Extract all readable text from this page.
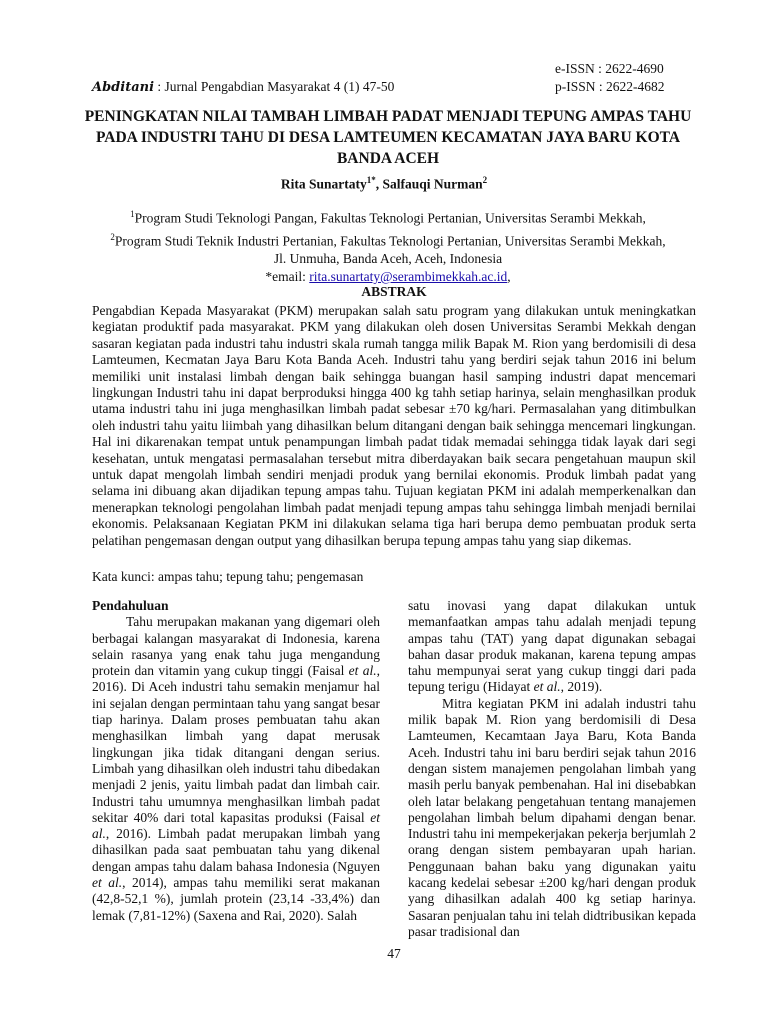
e-ISSN : 2622-4690
p-ISSN : 2622-4682
Abditani : Jurnal Pengabdian Masyarakat 4 (1) 47-50
PENINGKATAN NILAI TAMBAH LIMBAH PADAT MENJADI TEPUNG AMPAS TAHU PADA INDUSTRI TAHU DI DESA LAMTEUMEN KECAMATAN JAYA BARU KOTA BANDA ACEH
Rita Sunartaty$^{1*}$, Salfauqi Nurman$^2$
$^1$Program Studi Teknologi Pangan, Fakultas Teknologi Pertanian, Universitas Serambi Mekkah,
$^2$Program Studi Teknik Industri Pertanian, Fakultas Teknologi Pertanian, Universitas Serambi Mekkah,
Jl. Unmuha, Banda Aceh, Aceh, Indonesia
*email: rita.sunartaty@serambimekkah.ac.id,
ABSTRAK

Pengabdian Kepada Masyarakat (PKM) merupakan salah satu program yang dilakukan untuk meningkatkan kegiatan produktif pada masyarakat. PKM yang dilakukan oleh dosen Universitas Serambi Mekkah dengan sasaran kegiatan pada industri tahu industri skala rumah tangga milik Bapak M. Rion yang berdomisili di desa Lamteumen, Kecmatan Jaya Baru Kota Banda Aceh. Industri tahu yang berdiri sejak tahun 2016 ini belum memiliki unit instalasi limbah dengan baik sehingga buangan hasil samping industri dapat mencemari lingkungan Industri tahu ini dapat berproduksi hingga 400 kg tahh setiap harinya, selain menghasilkan produk utama industri tahu ini juga menghasilkan limbah padat sebesar ±70 kg/hari. Permasalahan yang ditimbulkan oleh industri tahu yaitu liimbah yang dihasilkan belum ditangani dengan baik sehingga mencemari lingkungan. Hal ini dikarenakan tempat untuk penampungan limbah padat tidak memadai sehingga tidak layak dari segi kesehatan, untuk mengatasi permasalahan tersebut mitra diberdayakan baik secara pengetahuan maupun skil untuk dapat mengolah limbah sendiri menjadi produk yang bernilai ekonomis. Produk limbah padat yang selama ini dibuang akan dijadikan tepung ampas tahu. Tujuan kegiatan PKM ini adalah memperkenalkan dan menerapkan teknologi pengolahan limbah padat menjadi tepung ampas tahu sehingga limbah menjadi bernilai ekonomis. Pelaksanaan Kegiatan PKM ini dilakukan selama tiga hari berupa demo pembuatan produk serta pelatihan pengemasan dengan output yang dihasilkan berupa tepung ampas tahu yang siap dikemas.

Kata kunci: ampas tahu; tepung tahu; pengemasan

Pendahuluan

Tahu merupakan makanan yang digemari oleh berbagai kalangan masyarakat di Indonesia, karena selain rasanya yang enak tahu juga mengandung protein dan vitamin yang cukup tinggi (Faisal et al., 2016). Di Aceh industri tahu semakin menjamur hal ini sejalan dengan permintaan tahu yang sangat besar tiap harinya. Dalam proses pembuatan tahu akan menghasilkan limbah yang dapat merusak lingkungan jika tidak ditangani dengan serius. Limbah yang dihasilkan oleh industri tahu dibedakan menjadi 2 jenis, yaitu limbah padat dan limbah cair. Industri tahu umumnya menghasilkan limbah padat sekitar 40% dari total kapasitas produksi (Faisal et al., 2016). Limbah padat merupakan limbah yang dihasilkan pada saat pembuatan tahu yang dikenal dengan ampas tahu dalam bahasa Indonesia (Nguyen et al., 2014), ampas tahu memiliki serat makanan (42,8-52,1 %), jumlah protein (23,14 -33,4%) dan lemak (7,81-12%) (Saxena and Rai, 2020). Salah

satu inovasi yang dapat dilakukan untuk memanfaatkan ampas tahu adalah menjadi tepung ampas tahu (TAT) yang dapat digunakan sebagai bahan dasar produk makanan, karena tepung ampas tahu mempunyai serat yang cukup tinggi dari pada tepung terigu (Hidayat et al., 2019).

Mitra kegiatan PKM ini adalah industri tahu milik bapak M. Rion yang berdomisili di Desa Lamteumen, Kecamtaan Jaya Baru, Kota Banda Aceh. Industri tahu ini baru berdiri sejak tahun 2016 dengan sistem manajemen pengolahan limbah yang masih perlu banyak pembenahan. Hal ini disebabkan oleh latar belakang pengetahuan tentang manajemen pengolahan limbah belum dipahami dengan benar. Industri tahu ini mempekerjakan pekerja berjumlah 2 orang dengan sistem pembayaran upah harian. Penggunaan bahan baku yang digunakan yaitu kacang kedelai sebesar ±200 kg/hari dengan produk yang dihasilkan adalah 400 kg setiap harinya. Sasaran penjualan tahu ini telah didtribusikan kepada pasar tradisional dan

47
